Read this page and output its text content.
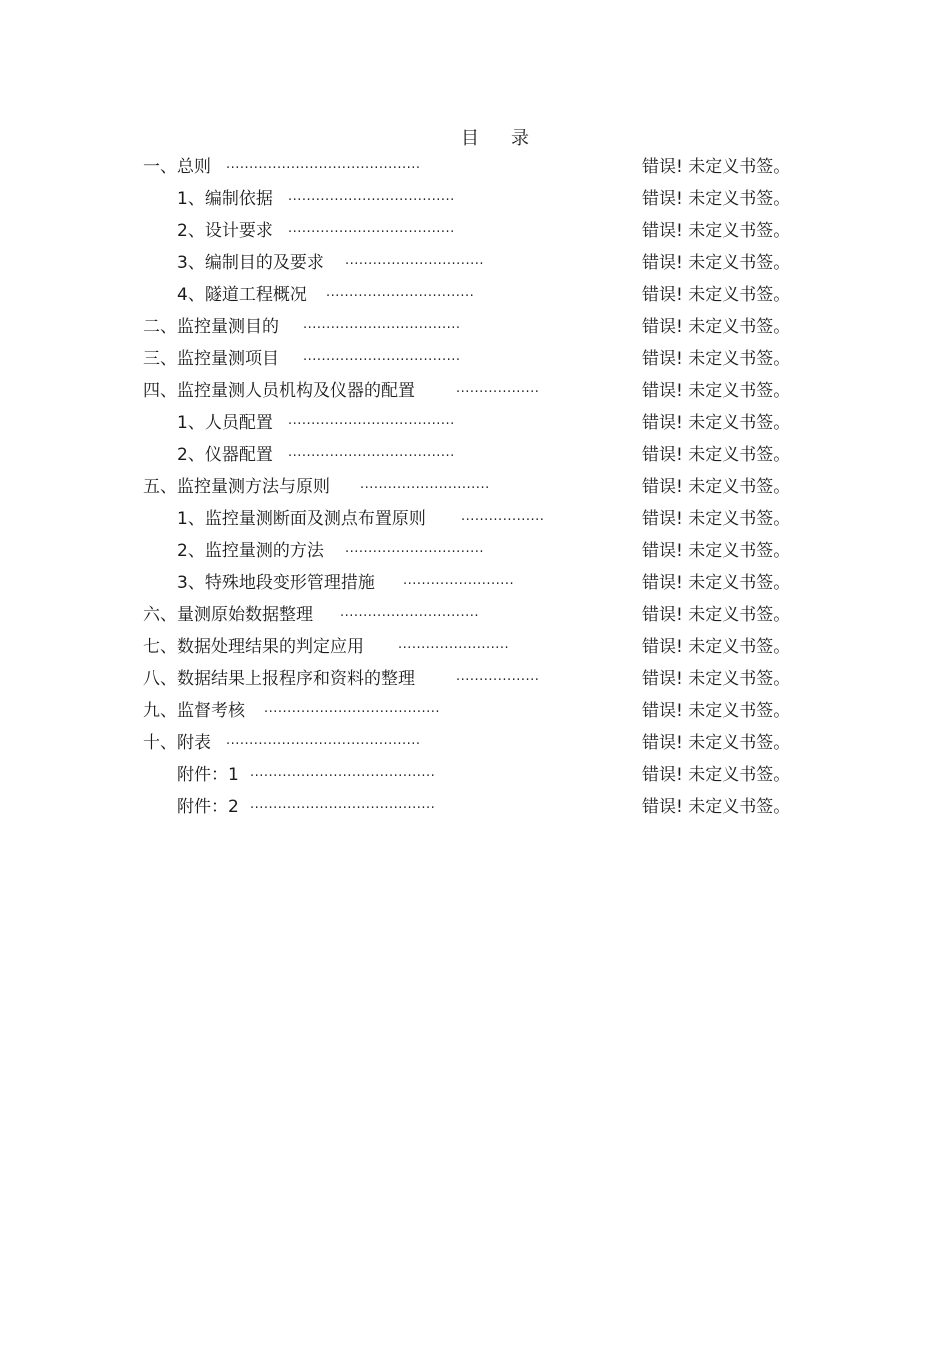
目 录
一、总则 ..........................................	错误! 未定义书签。
1、编制依据 ....................................	错误! 未定义书签。
2、设计要求 ....................................	错误! 未定义书签。
3、编制目的及要求 ..............................	错误! 未定义书签。
4、隧道工程概况 ................................	错误! 未定义书签。
二、监控量测目的 ..................................	错误! 未定义书签。
三、监控量测项目 ..................................	错误! 未定义书签。
四、监控量测人员机构及仪器的配置	..................	错误! 未定义书签。
1、人员配置 ....................................	错误! 未定义书签。
2、仪器配置 ....................................	错误! 未定义书签。
五、监控量测方法与原则 ............................	错误! 未定义书签。
1、监控量测断面及测点布置原则	..................	错误! 未定义书签。
2、监控量测的方法 ..............................	错误! 未定义书签。
3、特殊地段变形管理措施 ........................	错误! 未定义书签。
六、量测原始数据整理 ..............................	错误! 未定义书签。
七、数据处理结果的判定应用	........................	错误! 未定义书签。
八、数据结果上报程序和资料的整理	..................	错误! 未定义书签。
九、监督考核 ......................................	错误! 未定义书签。
十、附表 ..........................................	错误! 未定义书签。
附件：1 ........................................	错误! 未定义书签。
附件：2 ........................................	错误! 未定义书签。
